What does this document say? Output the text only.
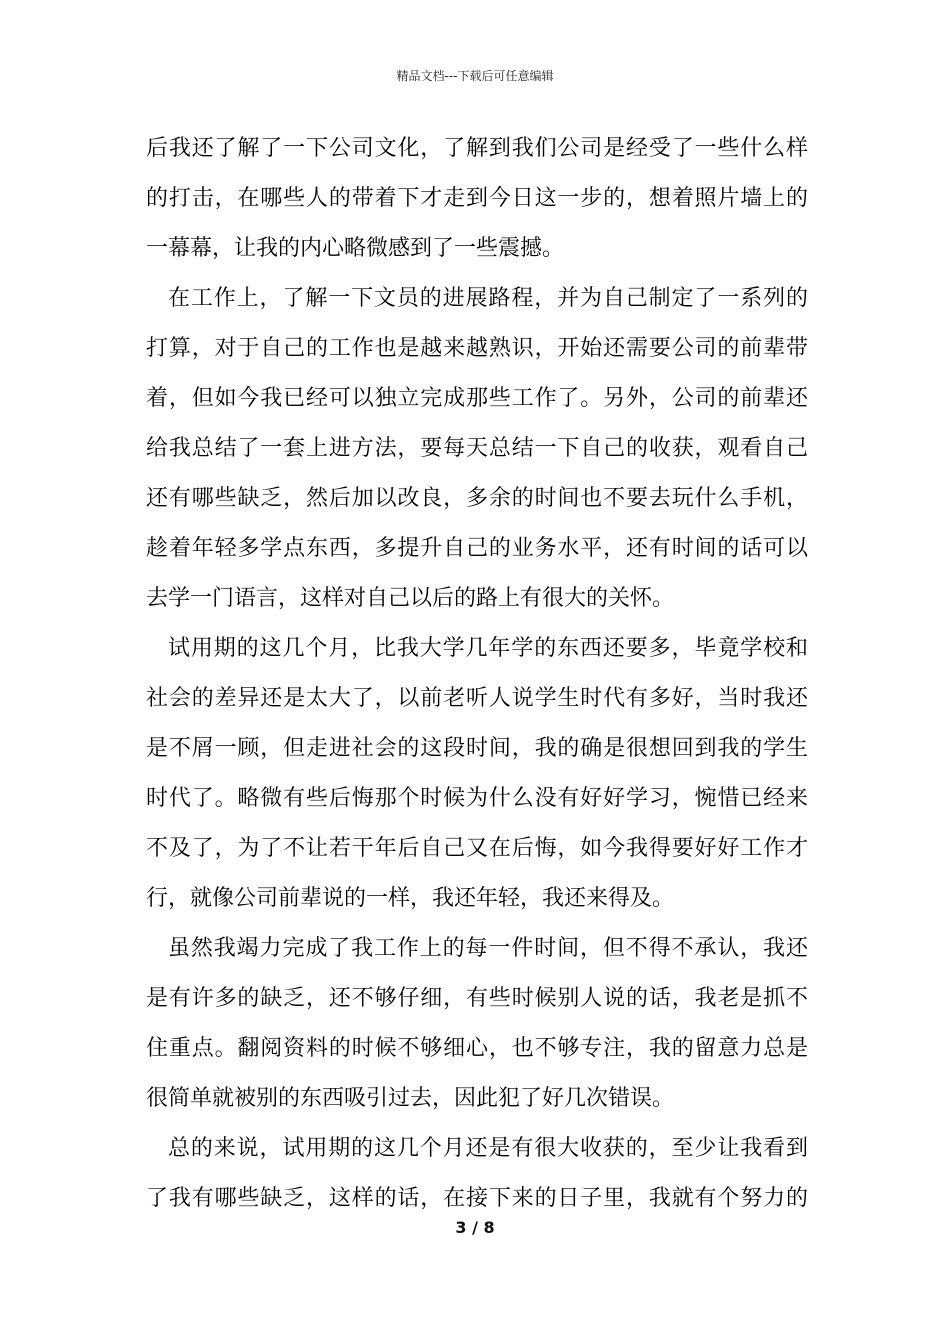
精品文档---下载后可任意编辑
后我还了解了一下公司文化，了解到我们公司是经受了一些什么样
的打击，在哪些人的带着下才走到今日这一步的，想着照片墙上的
一幕幕，让我的内心略微感到了一些震撼。
在工作上，了解一下文员的进展路程，并为自己制定了一系列的
打算，对于自己的工作也是越来越熟识，开始还需要公司的前辈带
着，但如今我已经可以独立完成那些工作了。另外，公司的前辈还
给我总结了一套上进方法，要每天总结一下自己的收获，观看自己
还有哪些缺乏，然后加以改良，多余的时间也不要去玩什么手机，
趁着年轻多学点东西，多提升自己的业务水平，还有时间的话可以
去学一门语言，这样对自己以后的路上有很大的关怀。
试用期的这几个月，比我大学几年学的东西还要多，毕竟学校和
社会的差异还是太大了，以前老听人说学生时代有多好，当时我还
是不屑一顾，但走进社会的这段时间，我的确是很想回到我的学生
时代了。略微有些后悔那个时候为什么没有好好学习，惋惜已经来
不及了，为了不让若干年后自己又在后悔，如今我得要好好工作才
行，就像公司前辈说的一样，我还年轻，我还来得及。
虽然我竭力完成了我工作上的每一件时间，但不得不承认，我还
是有许多的缺乏，还不够仔细，有些时候别人说的话，我老是抓不
住重点。翻阅资料的时候不够细心，也不够专注，我的留意力总是
很简单就被别的东西吸引过去，因此犯了好几次错误。
总的来说，试用期的这几个月还是有很大收获的，至少让我看到
了我有哪些缺乏，这样的话，在接下来的日子里，我就有个努力的
3 / 8
